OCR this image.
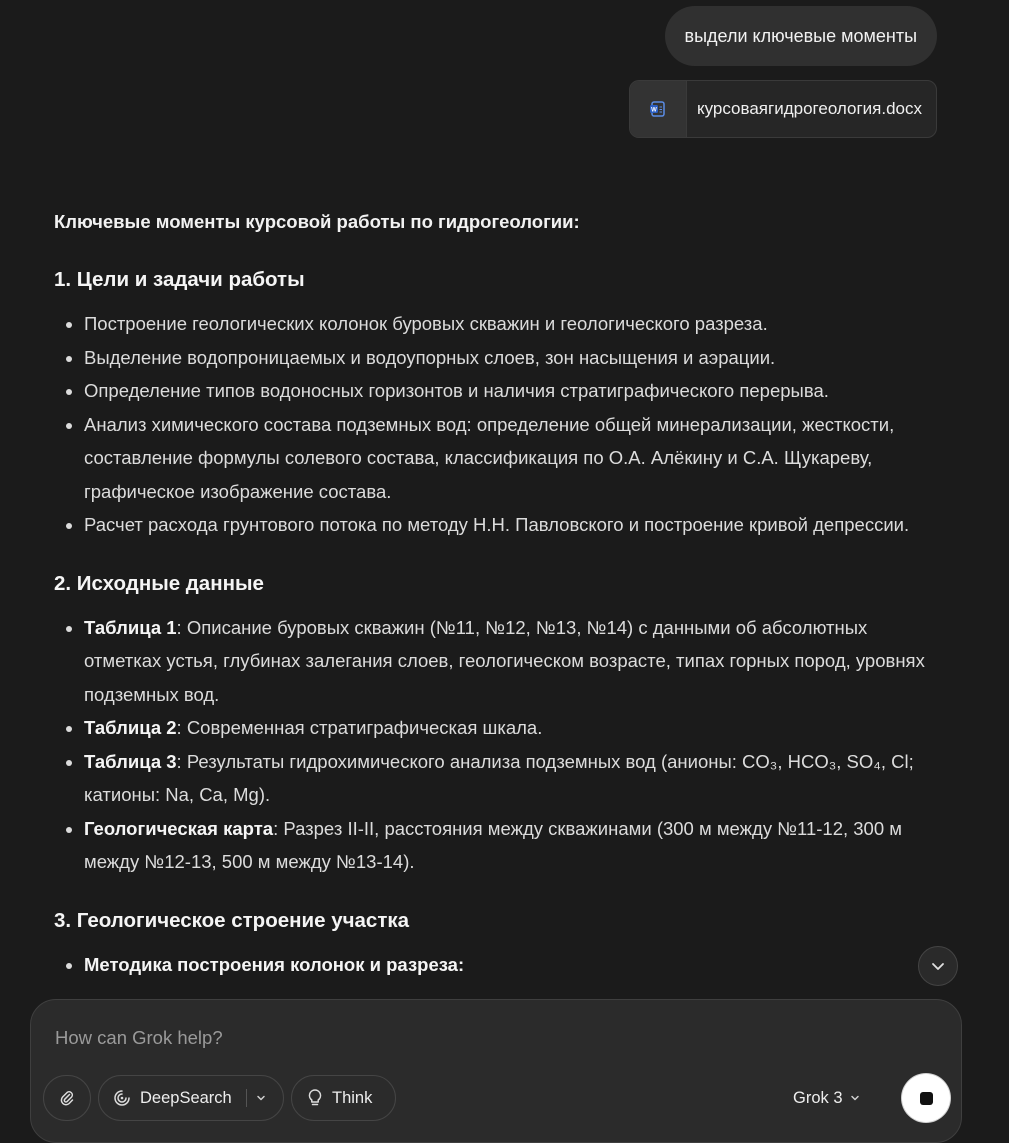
выдели ключевые моменты
W	курсоваягидрогеология.docx
Ключевые моменты курсовой работы по гидрогеологии:
1. Цели и задачи работы
• Построение геологических колонок буровых скважин и геологического разреза.
• Выделение водопроницаемых и водоупорных слоев, зон насыщения и аэрации.
• Определение типов водоносных горизонтов и наличия стратиграфического перерыва.
• Анализ химического состава подземных вод: определение общей минерализации, жесткости, составление формулы солевого состава, классификация по О.А. Алёкину и С.А. Щукареву, графическое изображение состава.
• Расчет расхода грунтового потока по методу Н.Н. Павловского и построение кривой депрессии.
2. Исходные данные
• Таблица 1: Описание буровых скважин (№11, №12, №13, №14) с данными об абсолютных отметках устья, глубинах залегания слоев, геологическом возрасте, типах горных пород, уровнях подземных вод.
• Таблица 2: Современная стратиграфическая шкала.
• Таблица 3: Результаты гидрохимического анализа подземных вод (анионы: CO₃, HCO₃, SO₄, Cl; катионы: Na, Ca, Mg).
• Геологическая карта: Разрез II-II, расстояния между скважинами (300 м между №11-12, 300 м между №12-13, 500 м между №13-14).
3. Геологическое строение участка
• Методика построения колонок и разреза:
How can Grok help?
DeepSearch	Think	Grok 3
